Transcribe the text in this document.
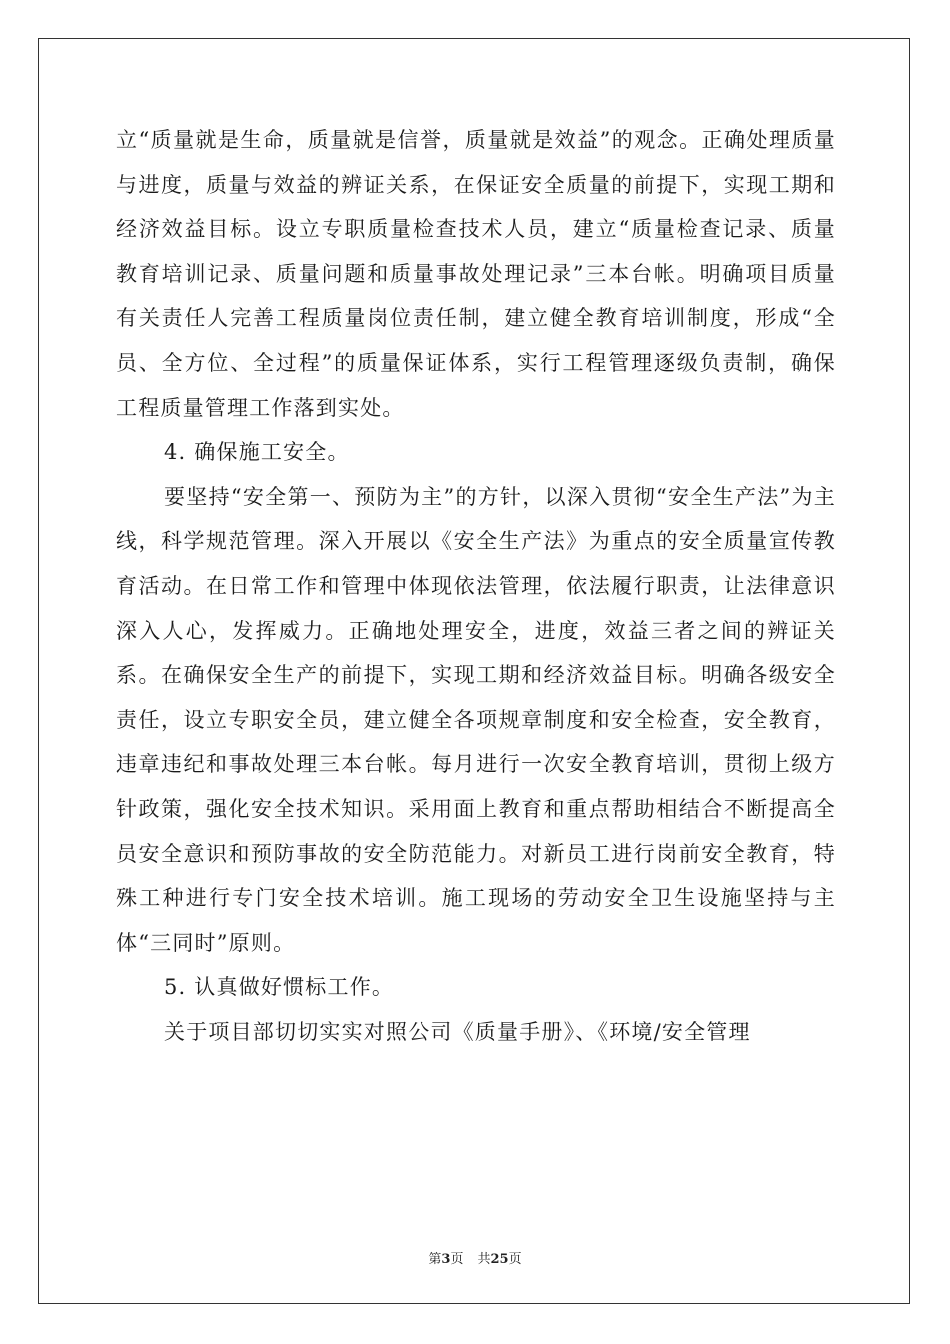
立“质量就是生命，质量就是信誉，质量就是效益”的观念。正确处理质量与进度，质量与效益的辨证关系，在保证安全质量的前提下，实现工期和经济效益目标。设立专职质量检查技术人员，建立“质量检查记录、质量教育培训记录、质量问题和质量事故处理记录”三本台帐。明确项目质量有关责任人完善工程质量岗位责任制，建立健全教育培训制度，形成“全员、全方位、全过程”的质量保证体系，实行工程管理逐级负责制，确保工程质量管理工作落到实处。

4. 确保施工安全。

要坚持“安全第一、预防为主”的方针，以深入贯彻“安全生产法”为主线，科学规范管理。深入开展以《安全生产法》为重点的安全质量宣传教育活动。在日常工作和管理中体现依法管理，依法履行职责，让法律意识深入人心，发挥威力。正确地处理安全，进度，效益三者之间的辨证关系。在确保安全生产的前提下，实现工期和经济效益目标。明确各级安全责任，设立专职安全员，建立健全各项规章制度和安全检查，安全教育，违章违纪和事故处理三本台帐。每月进行一次安全教育培训，贯彻上级方针政策，强化安全技术知识。采用面上教育和重点帮助相结合不断提高全员安全意识和预防事故的安全防范能力。对新员工进行岗前安全教育，特殊工种进行专门安全技术培训。施工现场的劳动安全卫生设施坚持与主体“三同时”原则。

5. 认真做好惯标工作。

关于项目部切切实实对照公司《质量手册》、《环境/安全管理

第3页 共25页
